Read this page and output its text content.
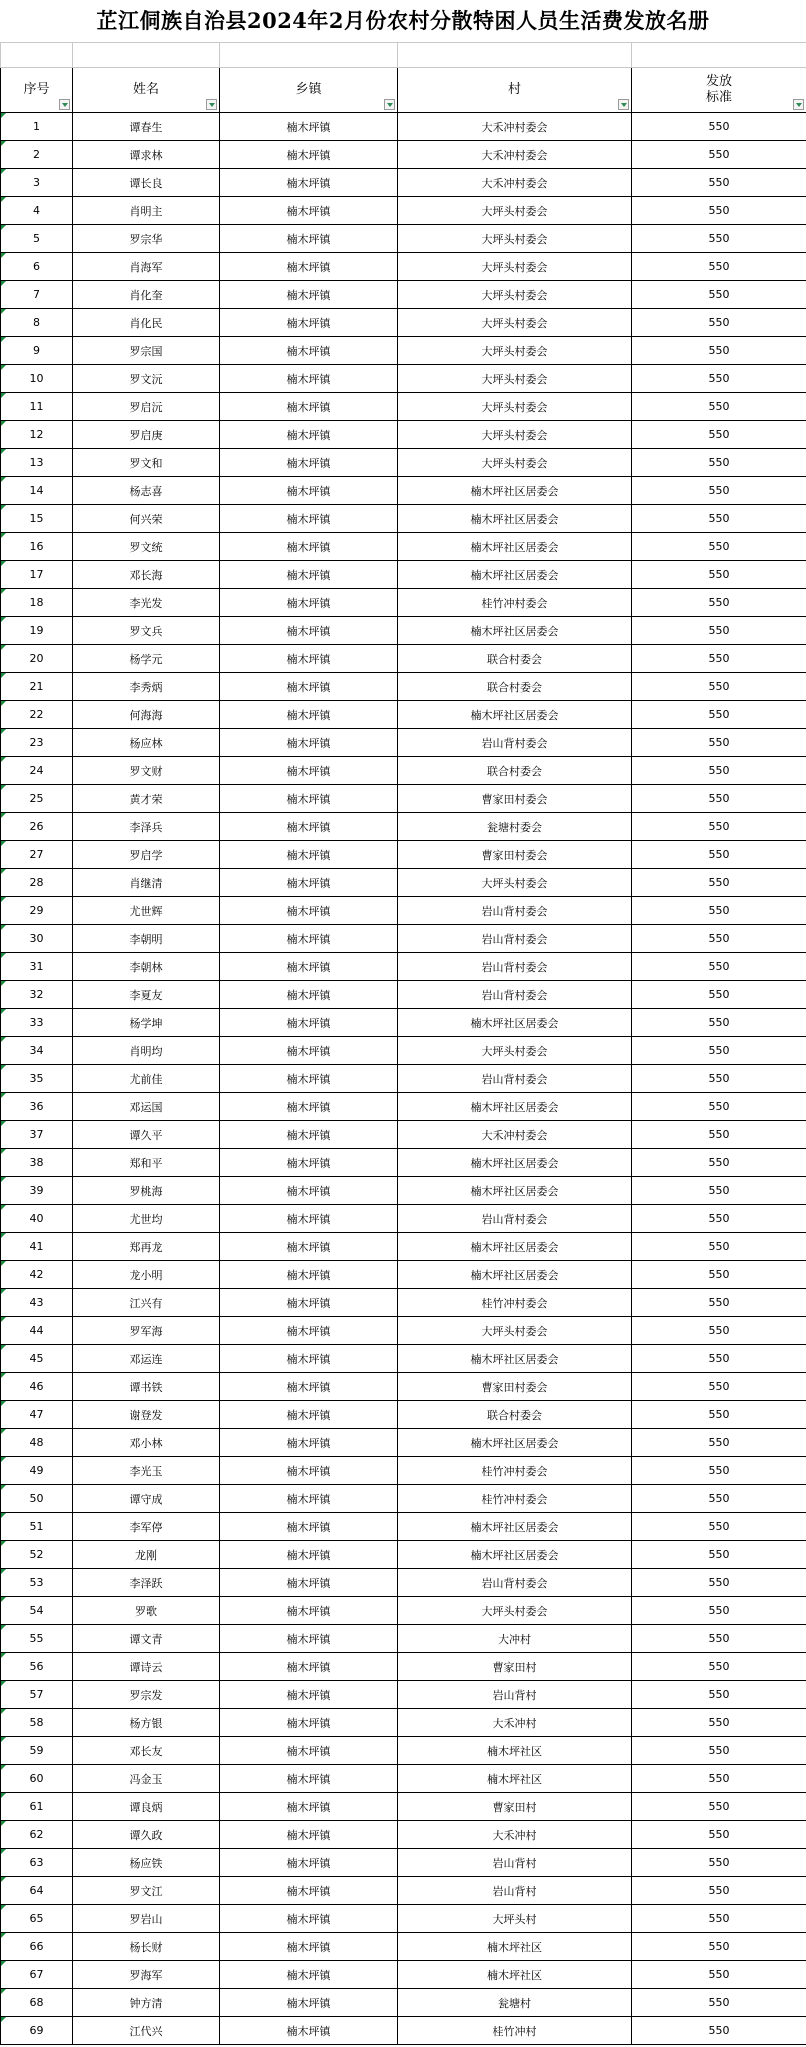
芷江侗族自治县2024年2月份农村分散特困人员生活费发放名册

序号	姓名	乡镇	村	发放
标准

1	谭春生	楠木坪镇	大禾冲村委会	550
2	谭求林	楠木坪镇	大禾冲村委会	550
3	谭长良	楠木坪镇	大禾冲村委会	550
4	肖明主	楠木坪镇	大坪头村委会	550
5	罗宗华	楠木坪镇	大坪头村委会	550
6	肖海军	楠木坪镇	大坪头村委会	550
7	肖化奎	楠木坪镇	大坪头村委会	550
8	肖化民	楠木坪镇	大坪头村委会	550
9	罗宗国	楠木坪镇	大坪头村委会	550
10	罗文沅	楠木坪镇	大坪头村委会	550
11	罗启沅	楠木坪镇	大坪头村委会	550
12	罗启庚	楠木坪镇	大坪头村委会	550
13	罗文和	楠木坪镇	大坪头村委会	550
14	杨志喜	楠木坪镇	楠木坪社区居委会	550
15	何兴荣	楠木坪镇	楠木坪社区居委会	550
16	罗文统	楠木坪镇	楠木坪社区居委会	550
17	邓长海	楠木坪镇	楠木坪社区居委会	550
18	李光发	楠木坪镇	桂竹冲村委会	550
19	罗文兵	楠木坪镇	楠木坪社区居委会	550
20	杨学元	楠木坪镇	联合村委会	550
21	李秀炳	楠木坪镇	联合村委会	550
22	何海海	楠木坪镇	楠木坪社区居委会	550
23	杨应林	楠木坪镇	岩山背村委会	550
24	罗文财	楠木坪镇	联合村委会	550
25	黄才荣	楠木坪镇	曹家田村委会	550
26	李泽兵	楠木坪镇	瓮塘村委会	550
27	罗启学	楠木坪镇	曹家田村委会	550
28	肖继清	楠木坪镇	大坪头村委会	550
29	尤世辉	楠木坪镇	岩山背村委会	550
30	李朝明	楠木坪镇	岩山背村委会	550
31	李朝林	楠木坪镇	岩山背村委会	550
32	李夏友	楠木坪镇	岩山背村委会	550
33	杨学坤	楠木坪镇	楠木坪社区居委会	550
34	肖明均	楠木坪镇	大坪头村委会	550
35	尤前佳	楠木坪镇	岩山背村委会	550
36	邓运国	楠木坪镇	楠木坪社区居委会	550
37	谭久平	楠木坪镇	大禾冲村委会	550
38	郑和平	楠木坪镇	楠木坪社区居委会	550
39	罗桃海	楠木坪镇	楠木坪社区居委会	550
40	尤世均	楠木坪镇	岩山背村委会	550
41	郑再龙	楠木坪镇	楠木坪社区居委会	550
42	龙小明	楠木坪镇	楠木坪社区居委会	550
43	江兴有	楠木坪镇	桂竹冲村委会	550
44	罗军海	楠木坪镇	大坪头村委会	550
45	邓运连	楠木坪镇	楠木坪社区居委会	550
46	谭书铁	楠木坪镇	曹家田村委会	550
47	谢登发	楠木坪镇	联合村委会	550
48	邓小林	楠木坪镇	楠木坪社区居委会	550
49	李光玉	楠木坪镇	桂竹冲村委会	550
50	谭守成	楠木坪镇	桂竹冲村委会	550
51	李军停	楠木坪镇	楠木坪社区居委会	550
52	龙刚	楠木坪镇	楠木坪社区居委会	550
53	李泽跃	楠木坪镇	岩山背村委会	550
54	罗歌	楠木坪镇	大坪头村委会	550
55	谭文青	楠木坪镇	大冲村	550
56	谭诗云	楠木坪镇	曹家田村	550
57	罗宗发	楠木坪镇	岩山背村	550
58	杨方银	楠木坪镇	大禾冲村	550
59	邓长友	楠木坪镇	楠木坪社区	550
60	冯金玉	楠木坪镇	楠木坪社区	550
61	谭良炳	楠木坪镇	曹家田村	550
62	谭久政	楠木坪镇	大禾冲村	550
63	杨应铁	楠木坪镇	岩山背村	550
64	罗文江	楠木坪镇	岩山背村	550
65	罗岩山	楠木坪镇	大坪头村	550
66	杨长财	楠木坪镇	楠木坪社区	550
67	罗海军	楠木坪镇	楠木坪社区	550
68	钟方清	楠木坪镇	瓮塘村	550
69	江代兴	楠木坪镇	桂竹冲村	550
